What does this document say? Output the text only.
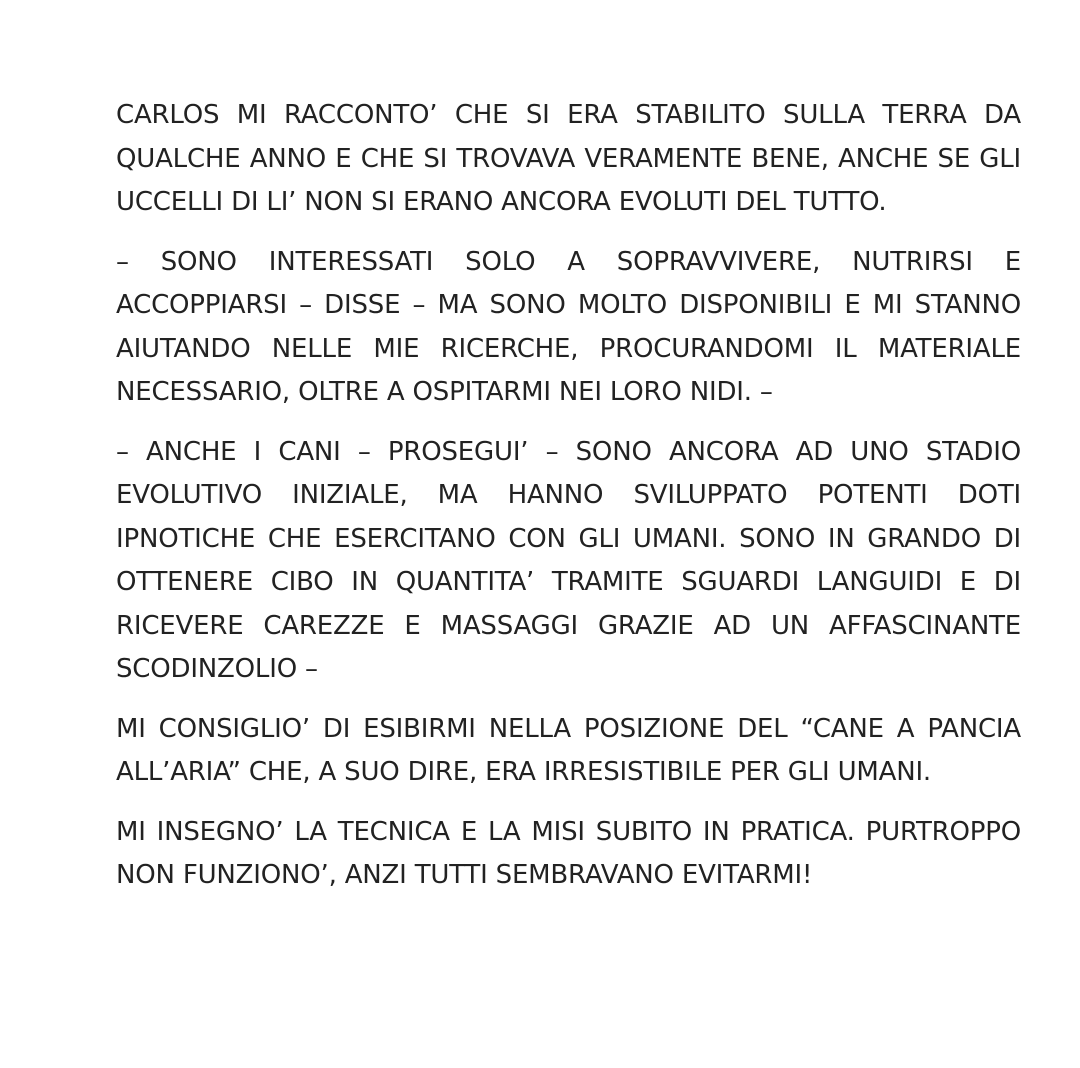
CARLOS MI RACCONTO’ CHE SI ERA STABILITO SULLA TERRA DA QUALCHE ANNO E CHE SI TROVAVA VERAMENTE BENE, ANCHE SE GLI UCCELLI DI LI’ NON SI ERANO ANCORA EVOLUTI DEL TUTTO.

– SONO INTERESSATI SOLO A SOPRAVVIVERE, NUTRIRSI E ACCOPPIARSI – DISSE – MA SONO MOLTO DISPONIBILI E MI STANNO AIUTANDO NELLE MIE RICERCHE, PROCURANDOMI IL MATERIALE NECESSARIO, OLTRE A OSPITARMI NEI LORO NIDI. –

– ANCHE I CANI – PROSEGUI’ – SONO ANCORA AD UNO STADIO EVOLUTIVO INIZIALE, MA HANNO SVILUPPATO POTENTI DOTI IPNOTICHE CHE ESERCITANO CON GLI UMANI. SONO IN GRANDO DI OTTENERE CIBO IN QUANTITA’ TRAMITE SGUARDI LANGUIDI E DI RICEVERE CAREZZE E MASSAGGI GRAZIE AD UN AFFASCINANTE SCODINZOLIO –

MI CONSIGLIO’ DI ESIBIRMI NELLA POSIZIONE DEL “CANE A PANCIA ALL’ARIA” CHE, A SUO DIRE, ERA IRRESISTIBILE PER GLI UMANI.

MI INSEGNO’ LA TECNICA E LA MISI SUBITO IN PRATICA. PURTROPPO NON FUNZIONO’, ANZI TUTTI SEMBRAVANO EVITARMI!
